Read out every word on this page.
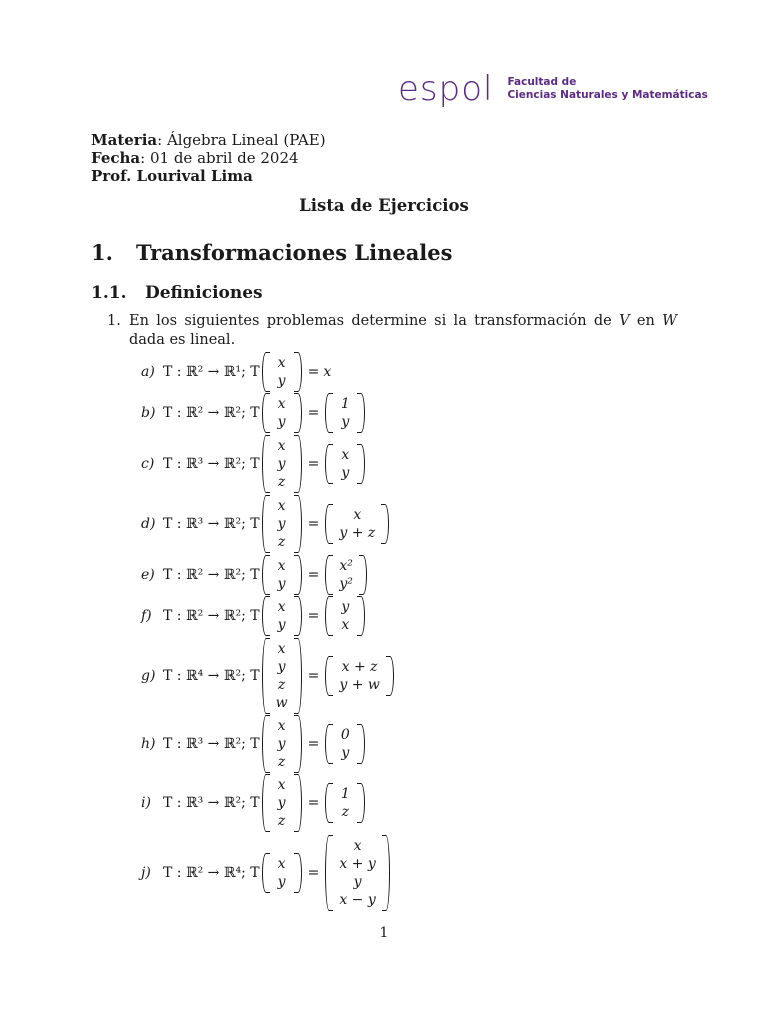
espol Facultad de
Ciencias Naturales y Matemáticas
Materia: Álgebra Lineal (PAE)
Fecha: 01 de abril de 2024
Prof. Lourival Lima
Lista de Ejercicios
1. Transformaciones Lineales
1.1. Definiciones
1. En los siguientes problemas determine si la transformación de V en W dada es lineal.
a) T : ℝ² → ℝ¹; T
x
y
= x
b) T : ℝ² → ℝ²; T
x
y
=
1
y
c) T : ℝ³ → ℝ²; T
x
y
z
=
x
y
d) T : ℝ³ → ℝ²; T
x
y
z
=
x
y + z
e) T : ℝ² → ℝ²; T
x
y
=
x²
y²
f) T : ℝ² → ℝ²; T
x
y
=
y
x
g) T : ℝ⁴ → ℝ²; T
x
y
z
w
=
x + z
y + w
h) T : ℝ³ → ℝ²; T
x
y
z
=
0
y
i) T : ℝ³ → ℝ²; T
x
y
z
=
1
z
j) T : ℝ² → ℝ⁴; T
x
y
=
x
x + y
y
x − y
1
